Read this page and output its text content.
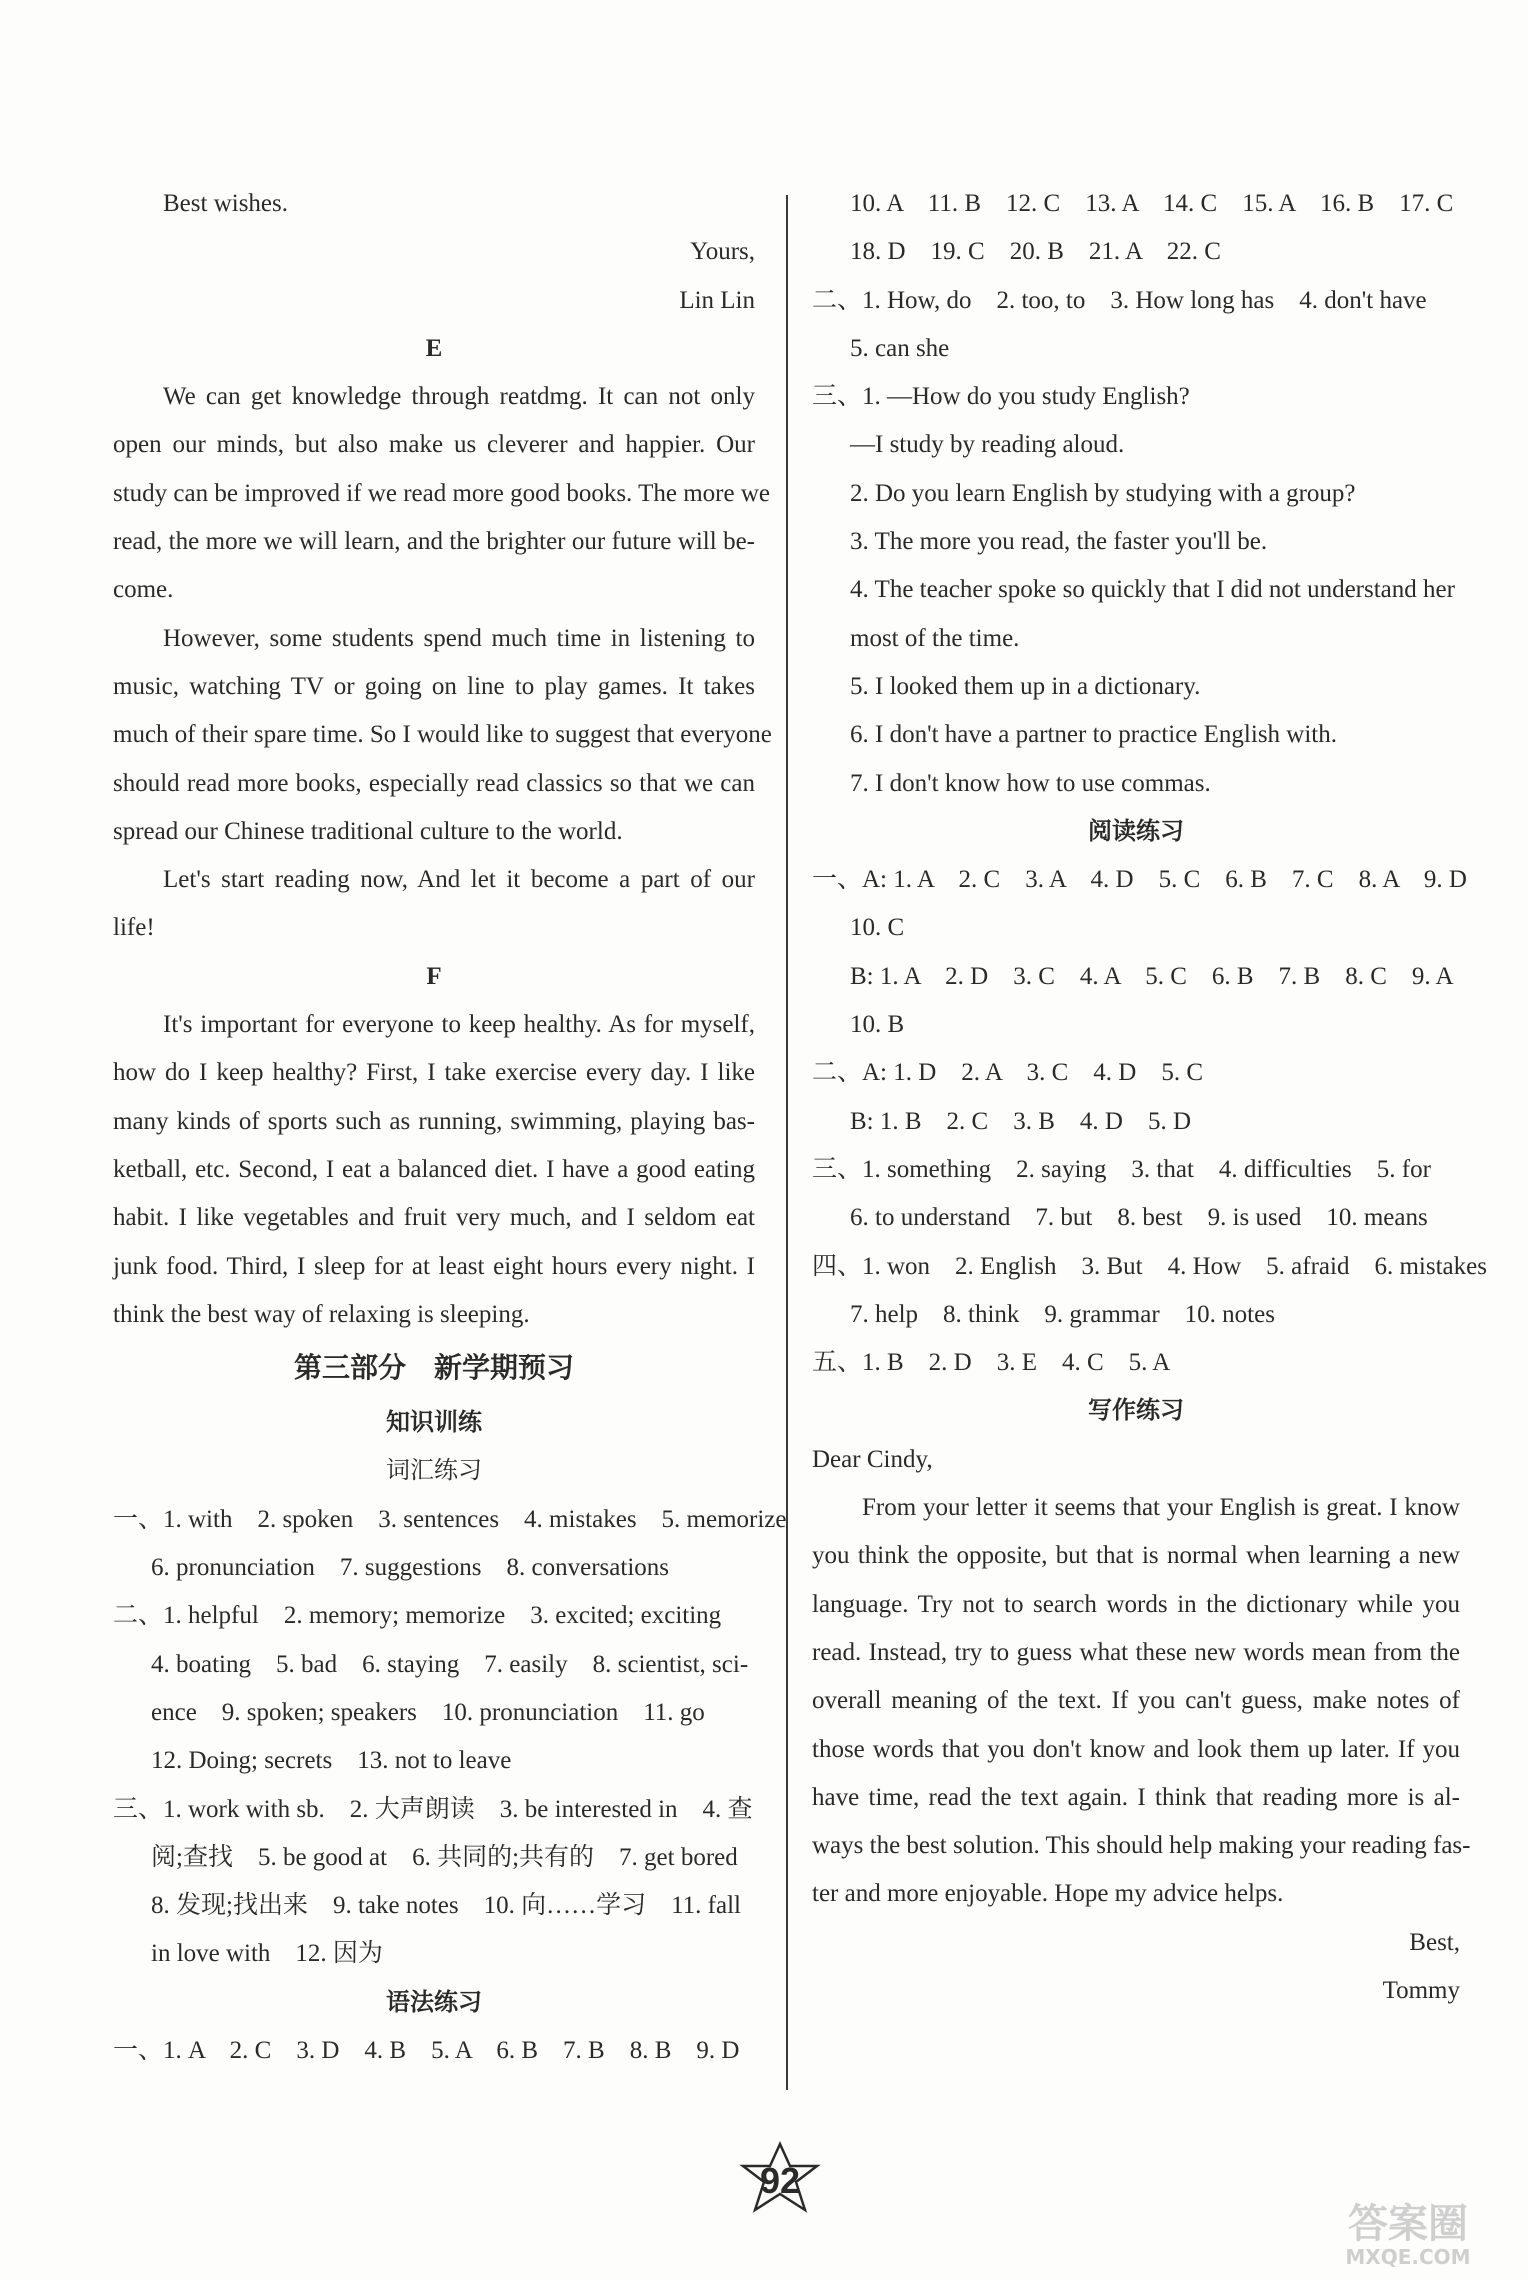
Best wishes.
Yours,
Lin Lin
E
We can get knowledge through reatdmg. It can not only
open our minds, but also make us cleverer and happier. Our
study can be improved if we read more good books. The more we
read, the more we will learn, and the brighter our future will be-
come.
However, some students spend much time in listening to
music, watching TV or going on line to play games. It takes
much of their spare time. So I would like to suggest that everyone
should read more books, especially read classics so that we can
spread our Chinese traditional culture to the world.
Let's start reading now, And let it become a part of our
life!
F
It's important for everyone to keep healthy. As for myself,
how do I keep healthy? First, I take exercise every day. I like
many kinds of sports such as running, swimming, playing bas-
ketball, etc. Second, I eat a balanced diet. I have a good eating
habit. I like vegetables and fruit very much, and I seldom eat
junk food. Third, I sleep for at least eight hours every night. I
think the best way of relaxing is sleeping.
第三部分　新学期预习
知识训练
词汇练习
一、1. with　2. spoken　3. sentences　4. mistakes　5. memorize
6. pronunciation　7. suggestions　8. conversations
二、1. helpful　2. memory; memorize　3. excited; exciting
4. boating　5. bad　6. staying　7. easily　8. scientist, sci-
ence　9. spoken; speakers　10. pronunciation　11. go
12. Doing; secrets　13. not to leave
三、1. work with sb.　2. 大声朗读　3. be interested in　4. 查
阅;查找　5. be good at　6. 共同的;共有的　7. get bored
8. 发现;找出来　9. take notes　10. 向……学习　11. fall
in love with　12. 因为
语法练习
一、1. A　2. C　3. D　4. B　5. A　6. B　7. B　8. B　9. D
10. A　11. B　12. C　13. A　14. C　15. A　16. B　17. C
18. D　19. C　20. B　21. A　22. C
二、1. How, do　2. too, to　3. How long has　4. don't have
5. can she
三、1. —How do you study English?
—I study by reading aloud.
2. Do you learn English by studying with a group?
3. The more you read, the faster you'll be.
4. The teacher spoke so quickly that I did not understand her
most of the time.
5. I looked them up in a dictionary.
6. I don't have a partner to practice English with.
7. I don't know how to use commas.
阅读练习
一、A: 1. A　2. C　3. A　4. D　5. C　6. B　7. C　8. A　9. D
10. C
B: 1. A　2. D　3. C　4. A　5. C　6. B　7. B　8. C　9. A
10. B
二、A: 1. D　2. A　3. C　4. D　5. C
B: 1. B　2. C　3. B　4. D　5. D
三、1. something　2. saying　3. that　4. difficulties　5. for
6. to understand　7. but　8. best　9. is used　10. means
四、1. won　2. English　3. But　4. How　5. afraid　6. mistakes
7. help　8. think　9. grammar　10. notes
五、1. B　2. D　3. E　4. C　5. A
写作练习
Dear Cindy,
From your letter it seems that your English is great. I know
you think the opposite, but that is normal when learning a new
language. Try not to search words in the dictionary while you
read. Instead, try to guess what these new words mean from the
overall meaning of the text. If you can't guess, make notes of
those words that you don't know and look them up later. If you
have time, read the text again. I think that reading more is al-
ways the best solution. This should help making your reading fas-
ter and more enjoyable. Hope my advice helps.
Best,
Tommy
92
答案圈
MXQE.COM
